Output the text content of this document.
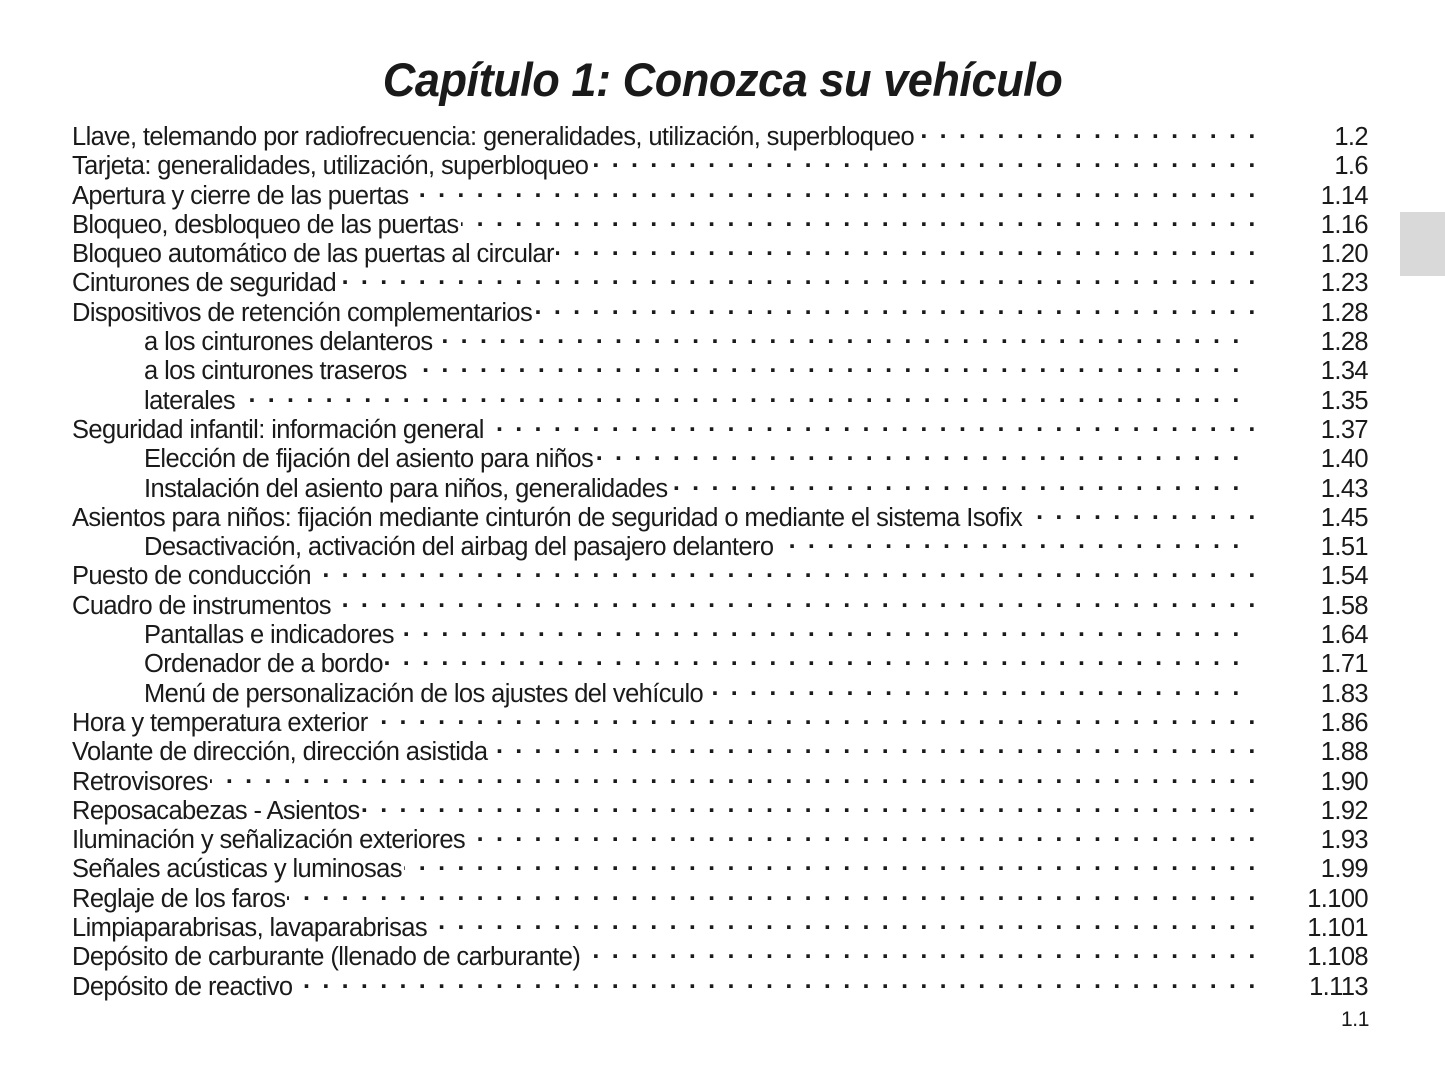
Capítulo 1: Conozca su vehículo
Llave, telemando por radiofrecuencia: generalidades, utilización, superbloqueo . . .	1.2
Tarjeta: generalidades, utilización, superbloqueo . . .	1.6
Apertura y cierre de las puertas . . .	1.14
Bloqueo, desbloqueo de las puertas . . .	1.16
Bloqueo automático de las puertas al circular . . .	1.20
Cinturones de seguridad . . .	1.23
Dispositivos de retención complementarios . . .	1.28
a los cinturones delanteros . . .	1.28
a los cinturones traseros . . .	1.34
laterales . . .	1.35
Seguridad infantil: información general . . .	1.37
Elección de fijación del asiento para niños . . .	1.40
Instalación del asiento para niños, generalidades . . .	1.43
Asientos para niños: fijación mediante cinturón de seguridad o mediante el sistema Isofix . . .	1.45
Desactivación, activación del airbag del pasajero delantero . . .	1.51
Puesto de conducción . . .	1.54
Cuadro de instrumentos . . .	1.58
Pantallas e indicadores . . .	1.64
Ordenador de a bordo . . .	1.71
Menú de personalización de los ajustes del vehículo . . .	1.83
Hora y temperatura exterior . . .	1.86
Volante de dirección, dirección asistida . . .	1.88
Retrovisores . . .	1.90
Reposacabezas - Asientos . . .	1.92
Iluminación y señalización exteriores . . .	1.93
Señales acústicas y luminosas . . .	1.99
Reglaje de los faros . . .	1.100
Limpiaparabrisas, lavaparabrisas . . .	1.101
Depósito de carburante (llenado de carburante) . . .	1.108
Depósito de reactivo . . .	1.113
1.1
